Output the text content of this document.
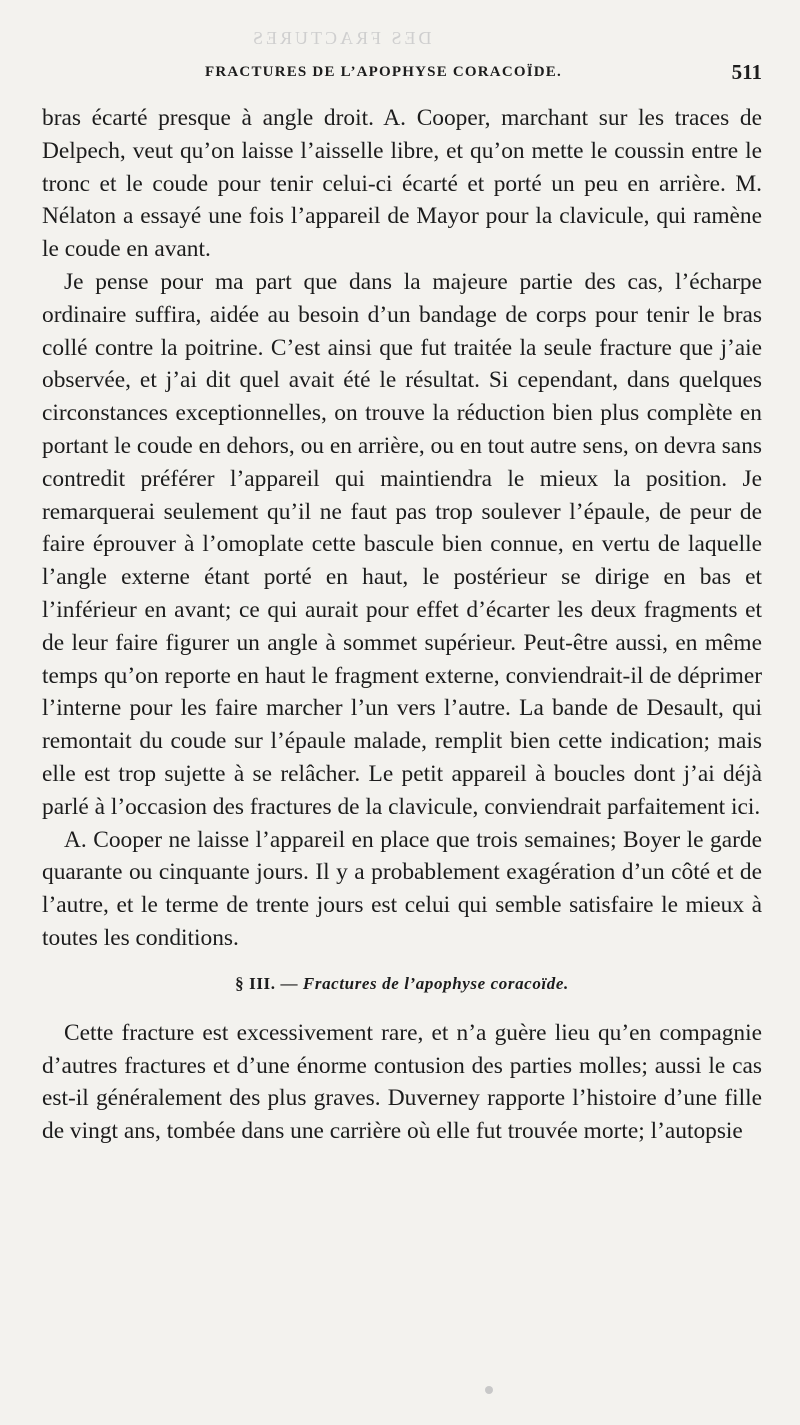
DES FRACTURES
FRACTURES DE L’APOPHYSE CORACOÏDE.	511

bras écarté presque à angle droit. A. Cooper, marchant sur les traces de Delpech, veut qu’on laisse l’aisselle libre, et qu’on mette le coussin entre le tronc et le coude pour tenir celui-ci écarté et porté un peu en arrière. M. Nélaton a essayé une fois l’appareil de Mayor pour la clavicule, qui ramène le coude en avant.

Je pense pour ma part que dans la majeure partie des cas, l’écharpe ordinaire suffira, aidée au besoin d’un bandage de corps pour tenir le bras collé contre la poitrine. C’est ainsi que fut traitée la seule fracture que j’aie observée, et j’ai dit quel avait été le résultat. Si cependant, dans quelques circonstances exceptionnelles, on trouve la réduction bien plus complète en portant le coude en dehors, ou en arrière, ou en tout autre sens, on devra sans contredit préférer l’appareil qui maintiendra le mieux la position. Je remarquerai seulement qu’il ne faut pas trop soulever l’épaule, de peur de faire éprouver à l’omoplate cette bascule bien connue, en vertu de laquelle l’angle externe étant porté en haut, le postérieur se dirige en bas et l’inférieur en avant; ce qui aurait pour effet d’écarter les deux fragments et de leur faire figurer un angle à sommet supérieur. Peut-être aussi, en même temps qu’on reporte en haut le fragment externe, conviendrait-il de déprimer l’interne pour les faire marcher l’un vers l’autre. La bande de Desault, qui remontait du coude sur l’épaule malade, remplit bien cette indication; mais elle est trop sujette à se relâcher. Le petit appareil à boucles dont j’ai déjà parlé à l’occasion des fractures de la clavicule, conviendrait parfaitement ici.

A. Cooper ne laisse l’appareil en place que trois semaines; Boyer le garde quarante ou cinquante jours. Il y a probablement exagération d’un côté et de l’autre, et le terme de trente jours est celui qui semble satisfaire le mieux à toutes les conditions.

§ III. — Fractures de l’apophyse coracoïde.

Cette fracture est excessivement rare, et n’a guère lieu qu’en compagnie d’autres fractures et d’une énorme contusion des parties molles; aussi le cas est-il généralement des plus graves. Duverney rapporte l’histoire d’une fille de vingt ans, tombée dans une carrière où elle fut trouvée morte; l’autopsie
